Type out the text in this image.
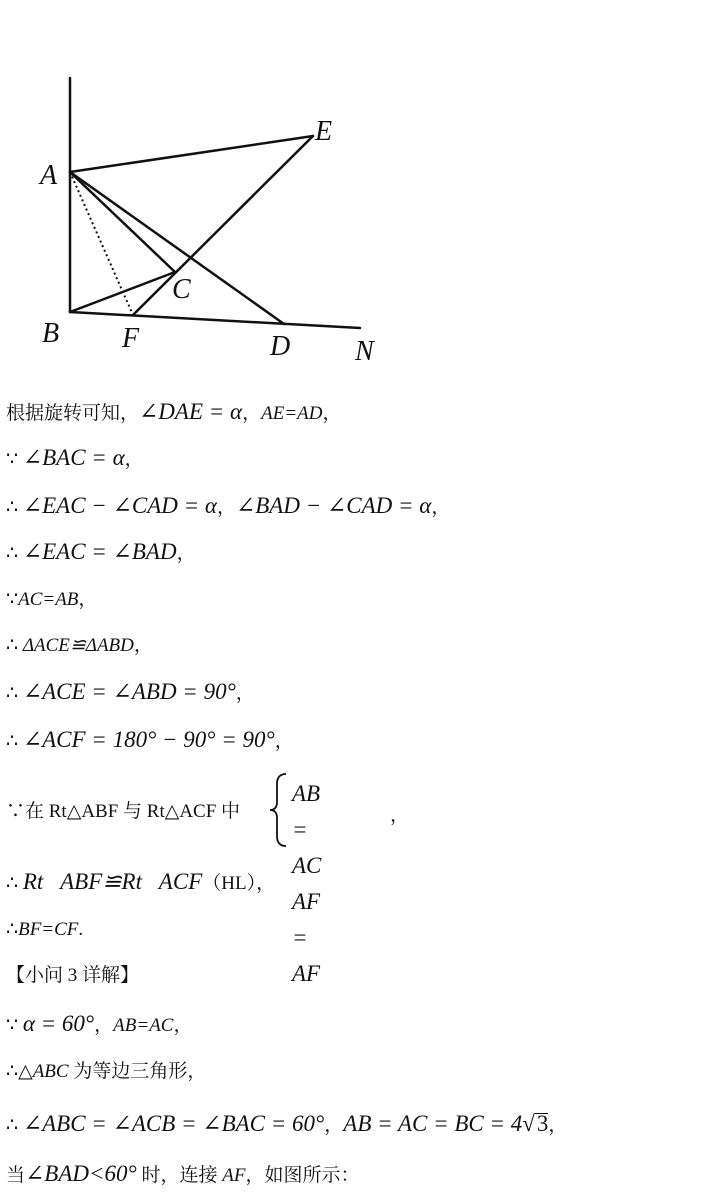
A
E
C
B F	D N
根据旋转可知，∠DAE = α，AE=AD，
∵ ∠BAC = α，
∴ ∠EAC − ∠CAD = α，∠BAD − ∠CAD = α，
∴ ∠EAC = ∠BAD，
∵AC=AB，
∴ ΔACE≌ΔABD，
∴ ∠ACE = ∠ABD = 90°，
∴ ∠ACF = 180° − 90° = 90°，
∵在 Rt△ABF 与 Rt△ACF 中
AB = AC
AF = AF
，
∴ Rt   ABF≌Rt   ACF（HL），
∴BF=CF.
【小问 3 详解】
∵ α = 60°，AB=AC，
∴△ABC 为等边三角形，
∴ ∠ABC = ∠ACB = ∠BAC = 60°，AB = AC = BC = 4√3，
当∠BAD<60° 时，连接 AF，如图所示：
